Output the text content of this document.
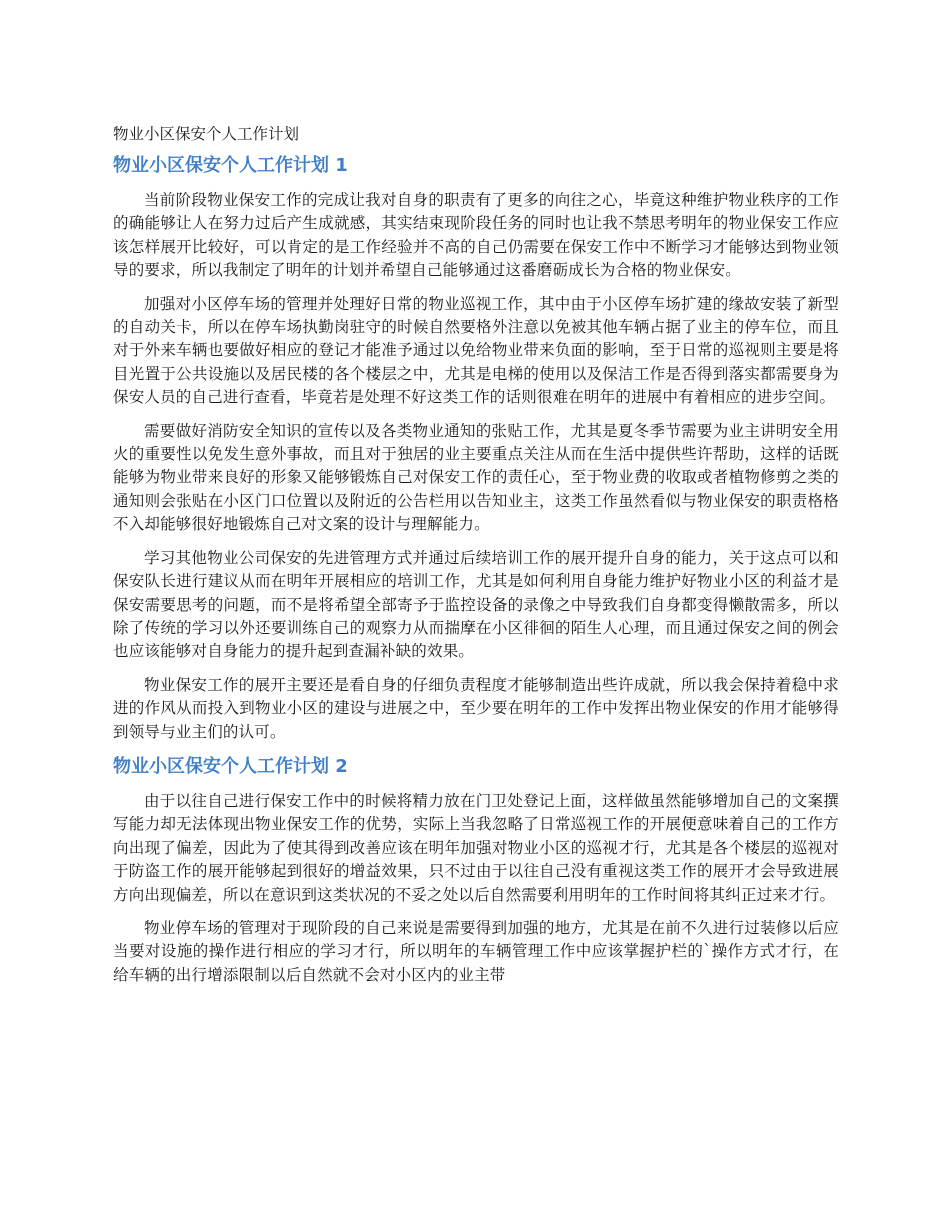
物业小区保安个人工作计划
物业小区保安个人工作计划 1

当前阶段物业保安工作的完成让我对自身的职责有了更多的向往之心，毕竟这种维护物业秩序的工作的确能够让人在努力过后产生成就感，其实结束现阶段任务的同时也让我不禁思考明年的物业保安工作应该怎样展开比较好，可以肯定的是工作经验并不高的自己仍需要在保安工作中不断学习才能够达到物业领导的要求，所以我制定了明年的计划并希望自己能够通过这番磨砺成长为合格的物业保安。

加强对小区停车场的管理并处理好日常的物业巡视工作，其中由于小区停车场扩建的缘故安装了新型的自动关卡，所以在停车场执勤岗驻守的时候自然要格外注意以免被其他车辆占据了业主的停车位，而且对于外来车辆也要做好相应的登记才能准予通过以免给物业带来负面的影响，至于日常的巡视则主要是将目光置于公共设施以及居民楼的各个楼层之中，尤其是电梯的使用以及保洁工作是否得到落实都需要身为保安人员的自己进行查看，毕竟若是处理不好这类工作的话则很难在明年的进展中有着相应的进步空间。

需要做好消防安全知识的宣传以及各类物业通知的张贴工作，尤其是夏冬季节需要为业主讲明安全用火的重要性以免发生意外事故，而且对于独居的业主要重点关注从而在生活中提供些许帮助，这样的话既能够为物业带来良好的形象又能够锻炼自己对保安工作的责任心，至于物业费的收取或者植物修剪之类的通知则会张贴在小区门口位置以及附近的公告栏用以告知业主，这类工作虽然看似与物业保安的职责格格不入却能够很好地锻炼自己对文案的设计与理解能力。

学习其他物业公司保安的先进管理方式并通过后续培训工作的展开提升自身的能力，关于这点可以和保安队长进行建议从而在明年开展相应的培训工作，尤其是如何利用自身能力维护好物业小区的利益才是保安需要思考的问题，而不是将希望全部寄予于监控设备的录像之中导致我们自身都变得懒散需多，所以除了传统的学习以外还要训练自己的观察力从而揣摩在小区徘徊的陌生人心理，而且通过保安之间的例会也应该能够对自身能力的提升起到查漏补缺的效果。

物业保安工作的展开主要还是看自身的仔细负责程度才能够制造出些许成就，所以我会保持着稳中求进的作风从而投入到物业小区的建设与进展之中，至少要在明年的工作中发挥出物业保安的作用才能够得到领导与业主们的认可。

物业小区保安个人工作计划 2

由于以往自己进行保安工作中的时候将精力放在门卫处登记上面，这样做虽然能够增加自己的文案撰写能力却无法体现出物业保安工作的优势，实际上当我忽略了日常巡视工作的开展便意味着自己的工作方向出现了偏差，因此为了使其得到改善应该在明年加强对物业小区的巡视才行，尤其是各个楼层的巡视对于防盗工作的展开能够起到很好的增益效果，只不过由于以往自己没有重视这类工作的展开才会导致进展方向出现偏差，所以在意识到这类状况的不妥之处以后自然需要利用明年的工作时间将其纠正过来才行。

物业停车场的管理对于现阶段的自己来说是需要得到加强的地方，尤其是在前不久进行过装修以后应当要对设施的操作进行相应的学习才行，所以明年的车辆管理工作中应该掌握护栏的`操作方式才行，在给车辆的出行增添限制以后自然就不会对小区内的业主带
